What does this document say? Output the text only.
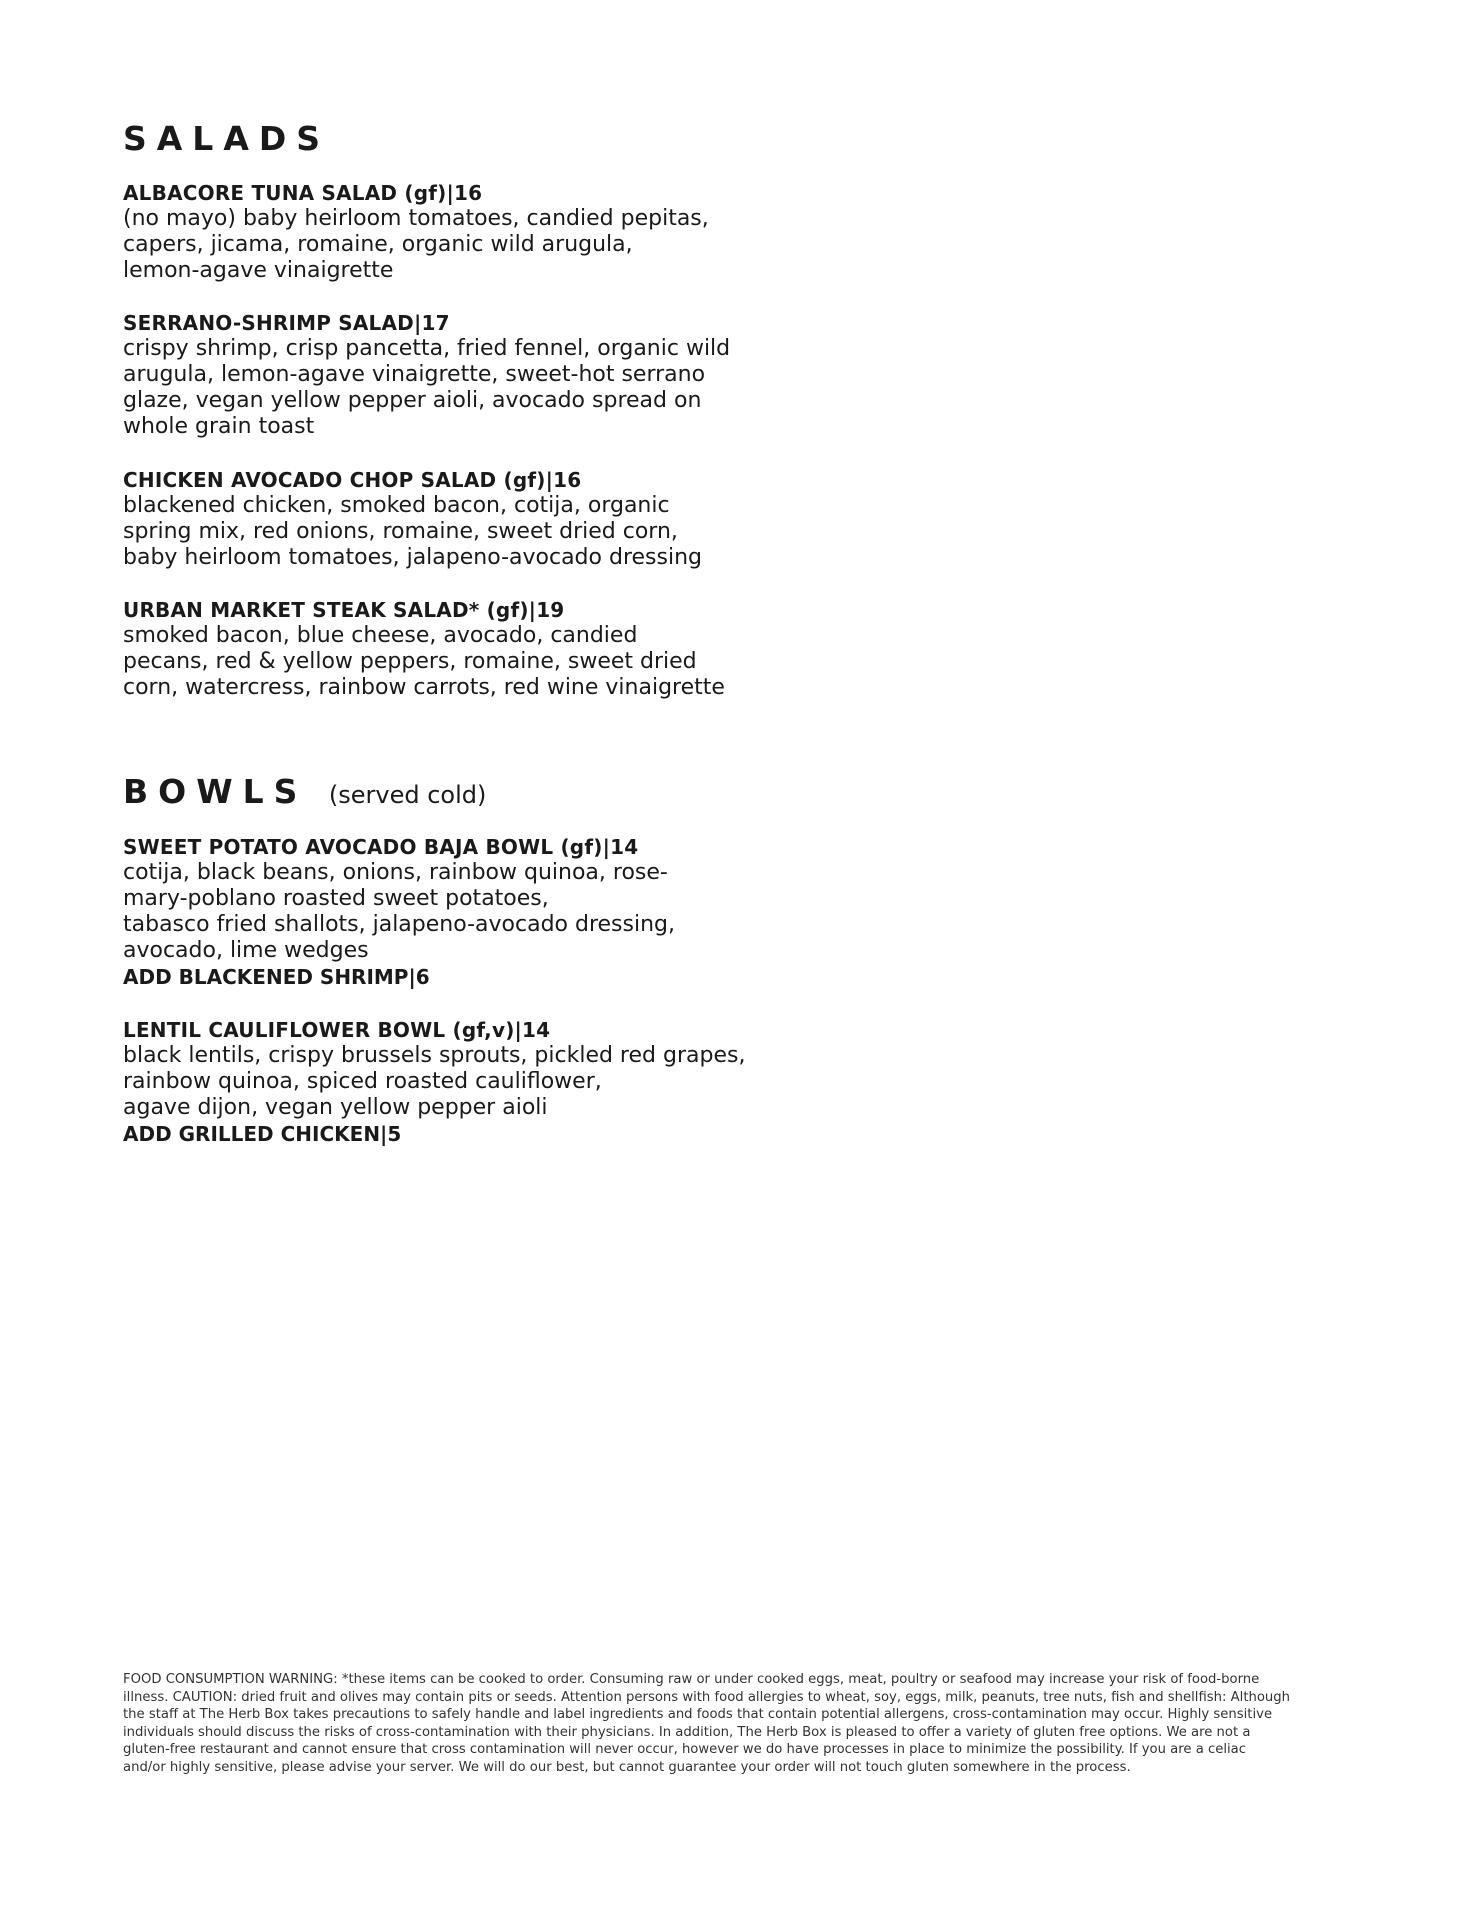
SALADS
ALBACORE TUNA SALAD (gf)|16
(no mayo) baby heirloom tomatoes, candied pepitas,
capers, jicama, romaine, organic wild arugula,
lemon-agave vinaigrette
SERRANO-SHRIMP SALAD|17
crispy shrimp, crisp pancetta, fried fennel, organic wild
arugula, lemon-agave vinaigrette, sweet-hot serrano
glaze, vegan yellow pepper aioli, avocado spread on
whole grain toast
CHICKEN AVOCADO CHOP SALAD (gf)|16
blackened chicken, smoked bacon, cotija, organic
spring mix, red onions, romaine, sweet dried corn,
baby heirloom tomatoes, jalapeno-avocado dressing
URBAN MARKET STEAK SALAD* (gf)|19
smoked bacon, blue cheese, avocado, candied
pecans, red & yellow peppers, romaine, sweet dried
corn, watercress, rainbow carrots, red wine vinaigrette
BOWLS (served cold)
SWEET POTATO AVOCADO BAJA BOWL (gf)|14
cotija, black beans, onions, rainbow quinoa, rose-
mary-poblano roasted sweet potatoes,
tabasco fried shallots, jalapeno-avocado dressing,
avocado, lime wedges
ADD BLACKENED SHRIMP|6
LENTIL CAULIFLOWER BOWL (gf,v)|14
black lentils, crispy brussels sprouts, pickled red grapes,
rainbow quinoa, spiced roasted cauliflower,
agave dijon, vegan yellow pepper aioli
ADD GRILLED CHICKEN|5
FOOD CONSUMPTION WARNING: *these items can be cooked to order. Consuming raw or under cooked eggs, meat, poultry or seafood may increase your risk of food-borne
illness. CAUTION: dried fruit and olives may contain pits or seeds. Attention persons with food allergies to wheat, soy, eggs, milk, peanuts, tree nuts, fish and shellfish: Although
the staff at The Herb Box takes precautions to safely handle and label ingredients and foods that contain potential allergens, cross-contamination may occur. Highly sensitive
individuals should discuss the risks of cross-contamination with their physicians. In addition, The Herb Box is pleased to offer a variety of gluten free options. We are not a
gluten-free restaurant and cannot ensure that cross contamination will never occur, however we do have processes in place to minimize the possibility. If you are a celiac
and/or highly sensitive, please advise your server. We will do our best, but cannot guarantee your order will not touch gluten somewhere in the process.
